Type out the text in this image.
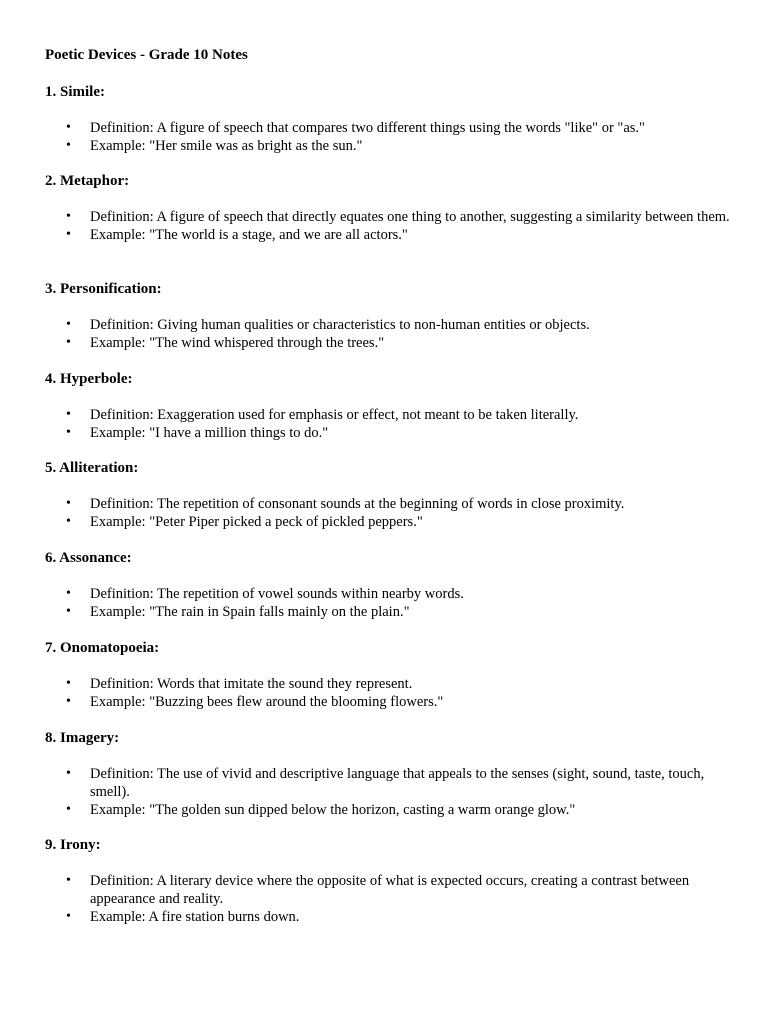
Poetic Devices - Grade 10 Notes
1. Simile:
• Definition: A figure of speech that compares two different things using the words "like" or "as."
• Example: "Her smile was as bright as the sun."
2. Metaphor:
• Definition: A figure of speech that directly equates one thing to another, suggesting a similarity between them.
• Example: "The world is a stage, and we are all actors."
3. Personification:
• Definition: Giving human qualities or characteristics to non-human entities or objects.
• Example: "The wind whispered through the trees."
4. Hyperbole:
• Definition: Exaggeration used for emphasis or effect, not meant to be taken literally.
• Example: "I have a million things to do."
5. Alliteration:
• Definition: The repetition of consonant sounds at the beginning of words in close proximity.
• Example: "Peter Piper picked a peck of pickled peppers."
6. Assonance:
• Definition: The repetition of vowel sounds within nearby words.
• Example: "The rain in Spain falls mainly on the plain."
7. Onomatopoeia:
• Definition: Words that imitate the sound they represent.
• Example: "Buzzing bees flew around the blooming flowers."
8. Imagery:
• Definition: The use of vivid and descriptive language that appeals to the senses (sight, sound, taste, touch, smell).
• Example: "The golden sun dipped below the horizon, casting a warm orange glow."
9. Irony:
• Definition: A literary device where the opposite of what is expected occurs, creating a contrast between appearance and reality.
• Example: A fire station burns down.
